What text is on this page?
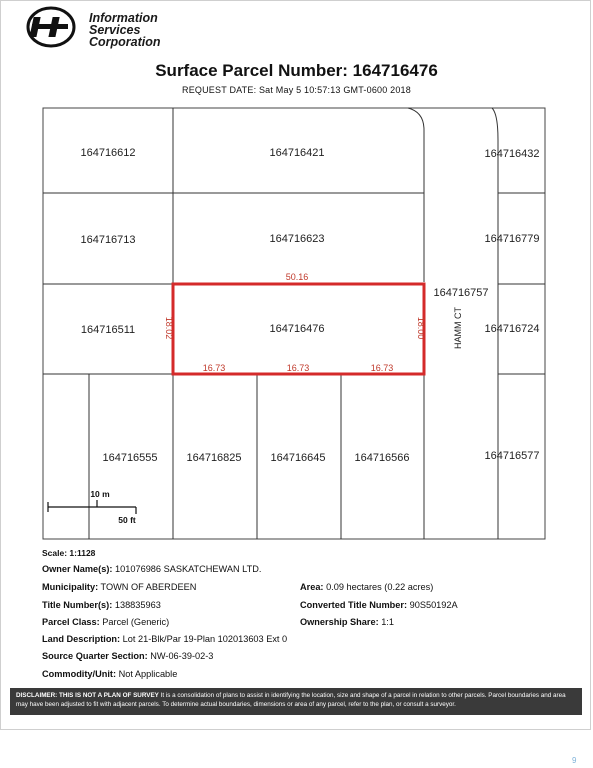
Information
Services
Corporation
Surface Parcel Number: 164716476
REQUEST DATE: Sat May 5 10:57:13 GMT-0600 2018
164716612	164716421	164716432
164716713	164716623	164716779
164716511	164716476
164716757
164716724
164716555	164716825	164716645	164716566	164716577
HAMM CT
50.16
18.02	18.00
16.73	16.73	16.73
10 m
50 ft
Scale: 1:1128
Owner Name(s): 101076986 SASKATCHEWAN LTD.
Municipality: TOWN OF ABERDEEN	Area: 0.09 hectares (0.22 acres)
Title Number(s): 138835963	Converted Title Number: 90S50192A
Parcel Class: Parcel (Generic)	Ownership Share: 1:1
Land Description: Lot 21-Blk/Par 19-Plan 102013603 Ext 0
Source Quarter Section: NW-06-39-02-3
Commodity/Unit: Not Applicable
DISCLAIMER: THIS IS NOT A PLAN OF SURVEY It is a consolidation of plans to assist in identifying the location, size and shape of a parcel in relation to other parcels. Parcel boundaries and area may have been adjusted to fit with adjacent parcels. To determine actual boundaries, dimensions or area of any parcel, refer to the plan, or consult a surveyor.
9
